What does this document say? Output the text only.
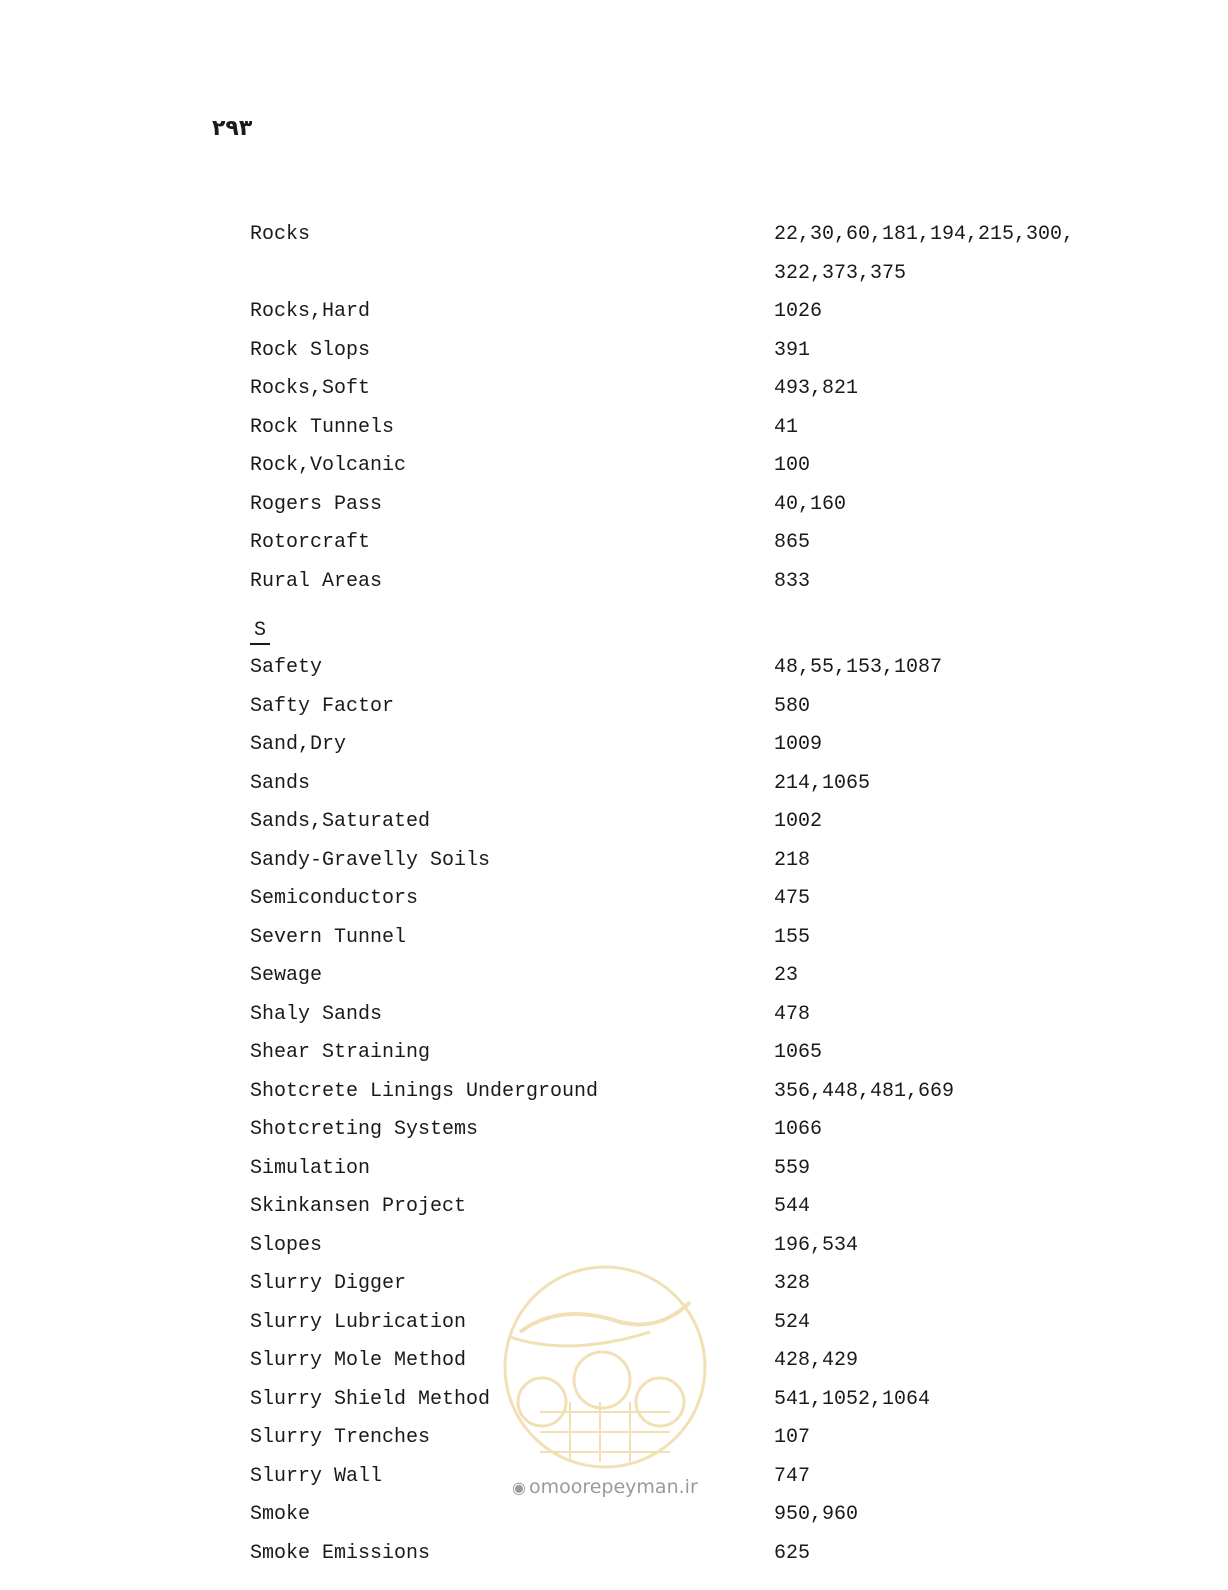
۲۹۳
Rocks	22,30,60,181,194,215,300,
322,373,375
Rocks,Hard	1026
Rock Slops	391
Rocks,Soft	493,821
Rock Tunnels	41
Rock,Volcanic	100
Rogers Pass	40,160
Rotorcraft	865
Rural Areas	833
S
Safety	48,55,153,1087
Safty Factor	580
Sand,Dry	1009
Sands	214,1065
Sands,Saturated	1002
Sandy-Gravelly Soils	218
Semiconductors	475
Severn Tunnel	155
Sewage	23
Shaly Sands	478
Shear Straining	1065
Shotcrete Linings Underground	356,448,481,669
Shotcreting Systems	1066
Simulation	559
Skinkansen Project	544
Slopes	196,534
Slurry Digger	328
Slurry Lubrication	524
Slurry Mole Method	428,429
Slurry Shield Method	541,1052,1064
Slurry Trenches	107
Slurry Wall	747
Smoke	950,960
Smoke Emissions	625
◉ omoorepeyman.ir
